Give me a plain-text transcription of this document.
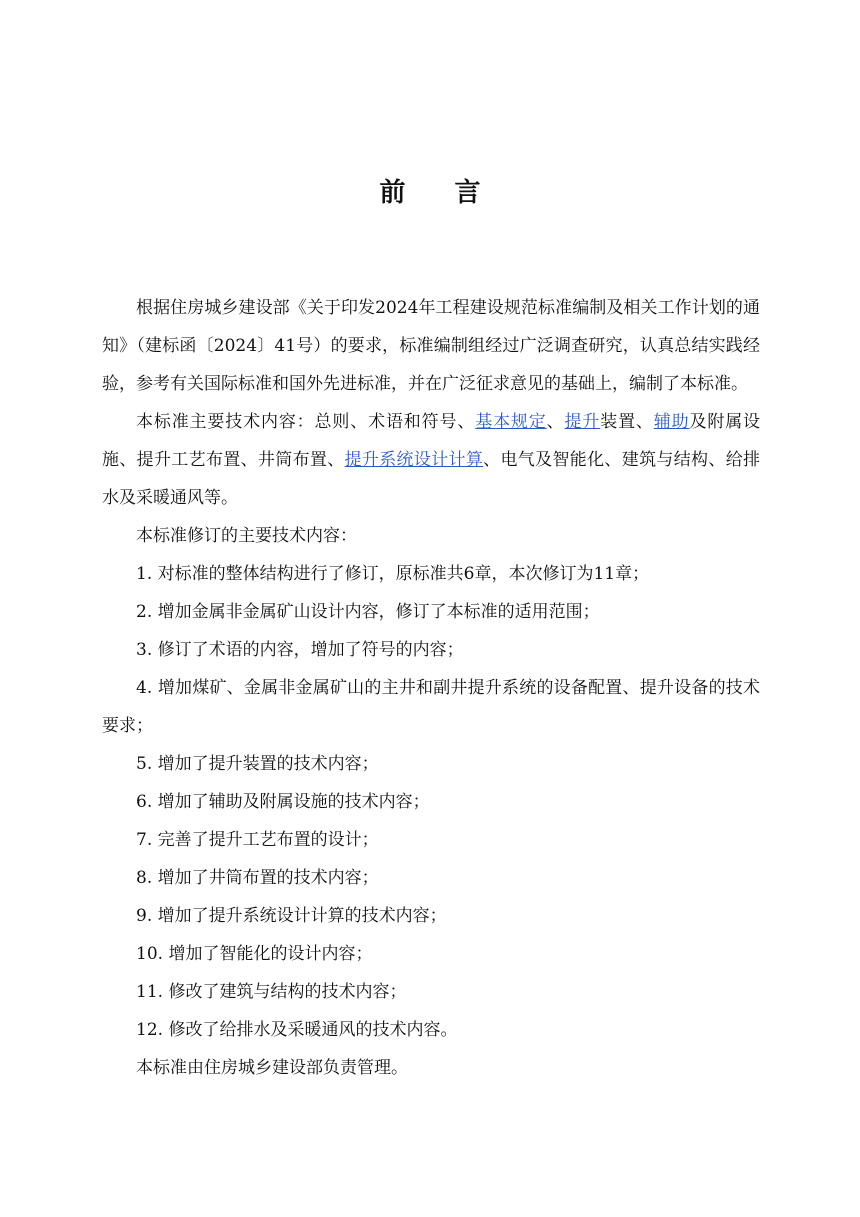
前 言

根据住房城乡建设部《关于印发2024年工程建设规范标准编制及相关工作计划的通知》（建标函〔2024〕41号）的要求，标准编制组经过广泛调查研究，认真总结实践经验，参考有关国际标准和国外先进标准，并在广泛征求意见的基础上，编制了本标准。

本标准主要技术内容：总则、术语和符号、基本规定、提升装置、辅助及附属设施、提升工艺布置、井筒布置、提升系统设计计算、电气及智能化、建筑与结构、给排水及采暖通风等。

本标准修订的主要技术内容：

1. 对标准的整体结构进行了修订，原标准共6章，本次修订为11章；

2. 增加金属非金属矿山设计内容，修订了本标准的适用范围；

3. 修订了术语的内容，增加了符号的内容；

4. 增加煤矿、金属非金属矿山的主井和副井提升系统的设备配置、提升设备的技术要求；

5. 增加了提升装置的技术内容；

6. 增加了辅助及附属设施的技术内容；

7. 完善了提升工艺布置的设计；

8. 增加了井筒布置的技术内容；

9. 增加了提升系统设计计算的技术内容；

10. 增加了智能化的设计内容；

11. 修改了建筑与结构的技术内容；

12. 修改了给排水及采暖通风的技术内容。

本标准由住房城乡建设部负责管理。
